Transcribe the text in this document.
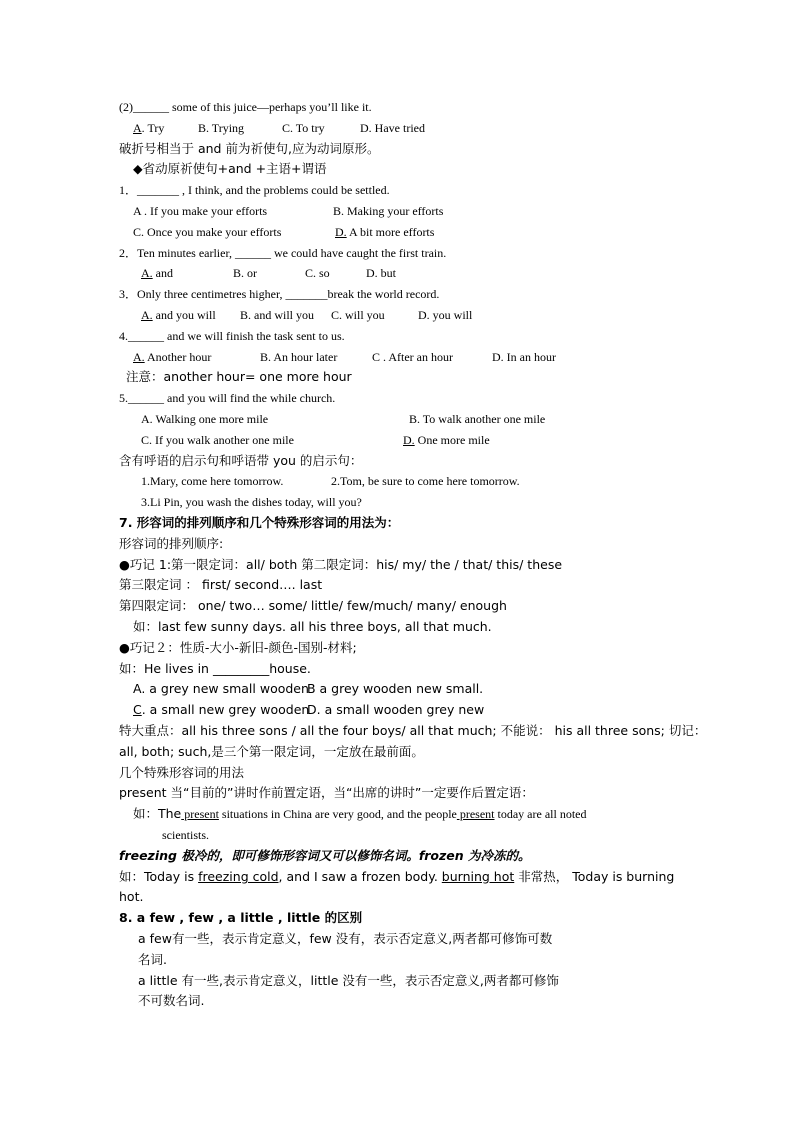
(2)______ some of this juice—perhaps you’ll like it.
A. Try	B. Trying	C. To try	D. Have tried
破折号相当于 and 前为祈使句,应为动词原形。
◆省动原祈使句+and +主语+谓语
1．_______ , I think, and the problems could be settled.
A . If you make your efforts	B. Making your efforts
C. Once you make your efforts	D. A bit more efforts
2．Ten minutes earlier, ______ we could have caught the first train.
A. and	B. or	C. so	D. but
3．Only three centimetres higher, _______break the world record.
A. and you will B. and will you C. will you	D. you will
4.______ and we will finish the task sent to us.
A. Another hour	B. An hour later	C . After an hour	D. In an hour
注意：another hour= one more hour
5.______ and you will find the while church.
A. Walking one more mile	B. To walk another one mile
C. If you walk another one mile	D. One more mile
含有呼语的启示句和呼语带 you 的启示句：
1.Mary, come here tomorrow.	2.Tom, be sure to come here tomorrow.
3.Li Pin, you wash the dishes today, will you?
7. 形容词的排列顺序和几个特殊形容词的用法为：
形容词的排列顺序:
●巧记 1:第一限定词：all/ both 第二限定词：his/ my/ the / that/ this/ these
第三限定词 ： first/ second…. last
第四限定词： one/ two… some/ little/ few/much/ many/ enough
如：last few sunny days. all his three boys, all that much.
●巧记２：性质-大小-新旧-颜色-国别-材料;
如：He lives in _________house.
A. a grey new small wooden
B a grey wooden new small.
C. a small new grey wooden
D. a small wooden grey new
特大重点：all his three sons / all the four boys/ all that much; 不能说： his all three sons; 切记：
all, both; such,是三个第一限定词，一定放在最前面。
几个特殊形容词的用法
present 当“目前的”讲时作前置定语，当“出席的讲时”一定要作后置定语：
如：The present situations in China are very good, and the people present today are all noted
scientists.
freezing 极冷的，即可修饰形容词又可以修饰名词。frozen 为冷冻的。
如：Today is freezing cold, and I saw a frozen body. burning hot 非常热， Today is burning
hot.
8. a few , few , a little , little 的区别
a few有一些，表示肯定意义，few 没有，表示否定意义,两者都可修饰可数
名词.
a little 有一些,表示肯定意义，little 没有一些，表示否定意义,两者都可修饰
不可数名词.
